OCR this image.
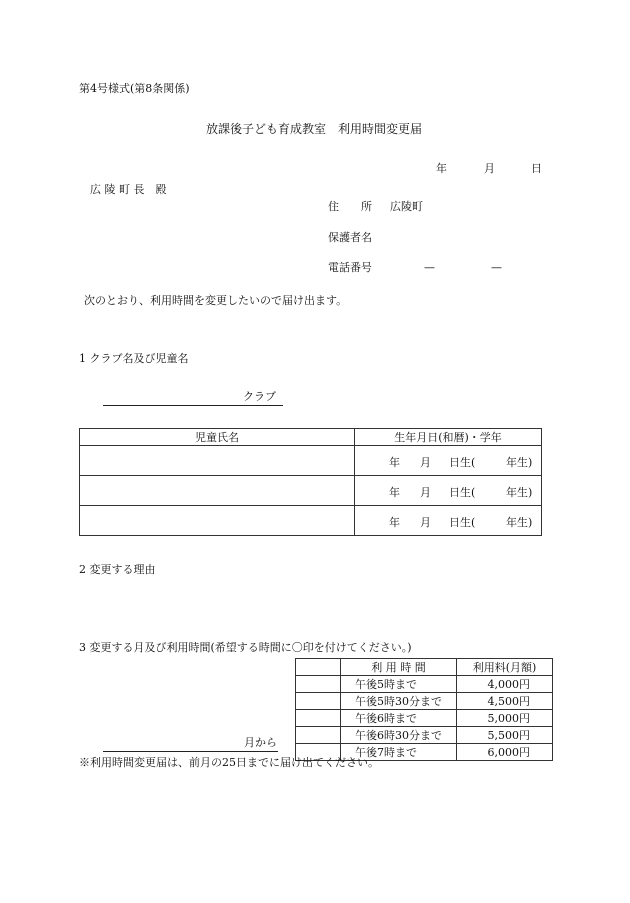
第4号様式(第8条関係)
放課後子ども育成教室　利用時間変更届
年	月	日
広 陵 町 長　殿
住　　所 広陵町
保護者名
電話番号	—	—
次のとおり、利用時間を変更したいので届け出ます。
1 クラブ名及び児童名
クラブ
児童氏名	生年月日(和暦)・学年

	年 月 日生( 年生)

	年 月 日生( 年生)

	年 月 日生( 年生)
2 変更する理由
3 変更する月及び利用時間(希望する時間に〇印を付けてください。)
	利 用 時 間	利用料(月額)
	午後5時まで	4,000円
	午後5時30分まで	4,500円
	午後6時まで	5,000円
	午後6時30分まで	5,500円
	午後7時まで	6,000円
月から
※利用時間変更届は、前月の25日までに届け出てください。
